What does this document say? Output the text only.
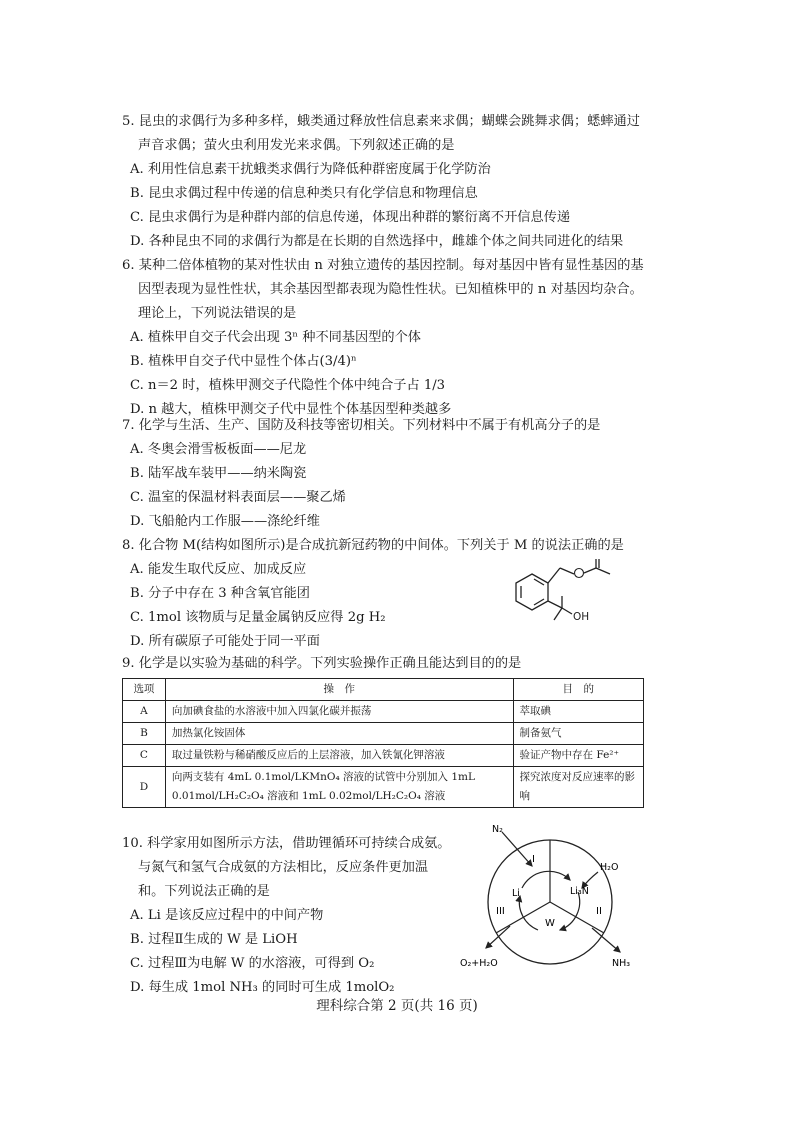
5. 昆虫的求偶行为多种多样，蛾类通过释放性信息素来求偶；蝴蝶会跳舞求偶；蟋蟀通过声音求偶；萤火虫利用发光来求偶。下列叙述正确的是
A. 利用性信息素干扰蛾类求偶行为降低种群密度属于化学防治
B. 昆虫求偶过程中传递的信息种类只有化学信息和物理信息
C. 昆虫求偶行为是种群内部的信息传递，体现出种群的繁衍离不开信息传递
D. 各种昆虫不同的求偶行为都是在长期的自然选择中，雌雄个体之间共同进化的结果
6. 某种二倍体植物的某对性状由 n 对独立遗传的基因控制。每对基因中皆有显性基因的基因型表现为显性性状，其余基因型都表现为隐性性状。已知植株甲的 n 对基因均杂合。理论上，下列说法错误的是
A. 植株甲自交子代会出现 3ⁿ 种不同基因型的个体
B. 植株甲自交子代中显性个体占(3/4)ⁿ
C. n＝2 时，植株甲测交子代隐性个体中纯合子占 1/3
D. n 越大，植株甲测交子代中显性个体基因型种类越多
7. 化学与生活、生产、国防及科技等密切相关。下列材料中不属于有机高分子的是
A. 冬奥会滑雪板板面——尼龙
B. 陆军战车装甲——纳米陶瓷
C. 温室的保温材料表面层——聚乙烯
D. 飞船舱内工作服——涤纶纤维
8. 化合物 M(结构如图所示)是合成抗新冠药物的中间体。下列关于 M 的说法正确的是
A. 能发生取代反应、加成反应
B. 分子中存在 3 种含氧官能团
C. 1mol 该物质与足量金属钠反应得 2g H₂
D. 所有碳原子可能处于同一平面
OH
9. 化学是以实验为基础的科学。下列实验操作正确且能达到目的的是
选项	操　作	目　的
A	向加碘食盐的水溶液中加入四氯化碳并振荡	萃取碘
B	加热氯化铵固体	制备氨气
C	取过量铁粉与稀硝酸反应后的上层溶液，加入铁氰化钾溶液	验证产物中存在 Fe²⁺
D	向两支装有 4mL 0.1mol/LKMnO₄ 溶液的试管中分别加入 1mL 0.01mol/LH₂C₂O₄ 溶液和 1mL 0.02mol/LH₂C₂O₄ 溶液	探究浓度对反应速率的影响
10. 科学家用如图所示方法，借助锂循环可持续合成氨。与氮气和氢气合成氨的方法相比，反应条件更加温和。下列说法正确的是
A. Li 是该反应过程中的中间产物
B. 过程Ⅱ生成的 W 是 LiOH
C. 过程Ⅲ为电解 W 的水溶液，可得到 O₂
D. 每生成 1mol NH₃ 的同时可生成 1molO₂
N₂
H₂O
NH₃
O₂+H₂O
Li	Li₃N
W
I
II
III
理科综合第 2 页(共 16 页)
